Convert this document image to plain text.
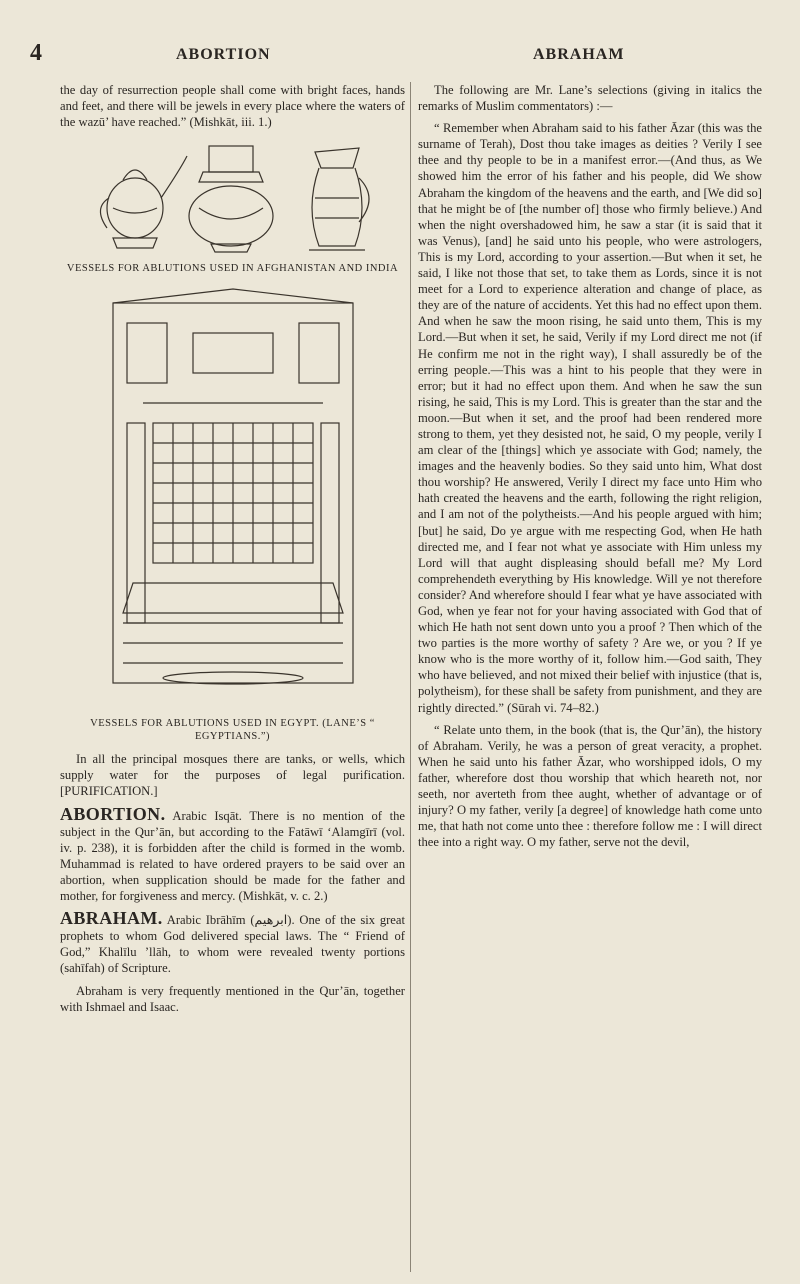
4	ABORTION	ABRAHAM

the day of resurrection people shall come with bright faces, hands and feet, and there will be jewels in every place where the waters of the wazū’ have reached.” (Mishkāt, iii. 1.)

VESSELS FOR ABLUTIONS USED IN AFGHANISTAN AND INDIA
VESSELS FOR ABLUTIONS USED IN EGYPT. (LANE’S “ EGYPTIANS.”)

In all the principal mosques there are tanks, or wells, which supply water for the purposes of legal purification. [PURIFICATION.]

ABORTION. Arabic Isqāt. There is no mention of the subject in the Qur’ān, but according to the Fatāwī ‘Alamgīrī (vol. iv. p. 238), it is forbidden after the child is formed in the womb. Muhammad is related to have ordered prayers to be said over an abortion, when supplication should be made for the father and mother, for forgiveness and mercy. (Mishkāt, v. c. 2.)

ABRAHAM. Arabic Ibrāhīm (ابرهيم). One of the six great prophets to whom God delivered special laws. The “ Friend of God,” Khalīlu ’llāh, to whom were revealed twenty portions (sahīfah) of Scripture.

Abraham is very frequently mentioned in the Qur’ān, together with Ishmael and Isaac.

The following are Mr. Lane’s selections (giving in italics the remarks of Muslim commentators) :—

“ Remember when Abraham said to his father Āzar (this was the surname of Terah), Dost thou take images as deities ? Verily I see thee and thy people to be in a manifest error.—(And thus, as We showed him the error of his father and his people, did We show Abraham the kingdom of the heavens and the earth, and [We did so] that he might be of [the number of] those who firmly believe.) And when the night overshadowed him, he saw a star (it is said that it was Venus), [and] he said unto his people, who were astrologers, This is my Lord, according to your assertion.—But when it set, he said, I like not those that set, to take them as Lords, since it is not meet for a Lord to experience alteration and change of place, as they are of the nature of accidents. Yet this had no effect upon them. And when he saw the moon rising, he said unto them, This is my Lord.—But when it set, he said, Verily if my Lord direct me not (if He confirm me not in the right way), I shall assuredly be of the erring people.—This was a hint to his people that they were in error; but it had no effect upon them. And when he saw the sun rising, he said, This is my Lord. This is greater than the star and the moon.—But when it set, and the proof had been rendered more strong to them, yet they desisted not, he said, O my people, verily I am clear of the [things] which ye associate with God; namely, the images and the heavenly bodies. So they said unto him, What dost thou worship? He answered, Verily I direct my face unto Him who hath created the heavens and the earth, following the right religion, and I am not of the polytheists.—And his people argued with him; [but] he said, Do ye argue with me respecting God, when He hath directed me, and I fear not what ye associate with Him unless my Lord will that aught displeasing should befall me? My Lord comprehendeth everything by His knowledge. Will ye not therefore consider? And wherefore should I fear what ye have associated with God, when ye fear not for your having associated with God that of which He hath not sent down unto you a proof ? Then which of the two parties is the more worthy of safety ? Are we, or you ? If ye know who is the more worthy of it, follow him.—God saith, They who have believed, and not mixed their belief with injustice (that is, polytheism), for these shall be safety from punishment, and they are rightly directed.” (Sūrah vi. 74–82.)

“ Relate unto them, in the book (that is, the Qur’ān), the history of Abraham. Verily, he was a person of great veracity, a prophet. When he said unto his father Āzar, who worshipped idols, O my father, wherefore dost thou worship that which heareth not, nor seeth, nor averteth from thee aught, whether of advantage or of injury? O my father, verily [a degree] of knowledge hath come unto me, that hath not come unto thee : therefore follow me : I will direct thee into a right way. O my father, serve not the devil,
